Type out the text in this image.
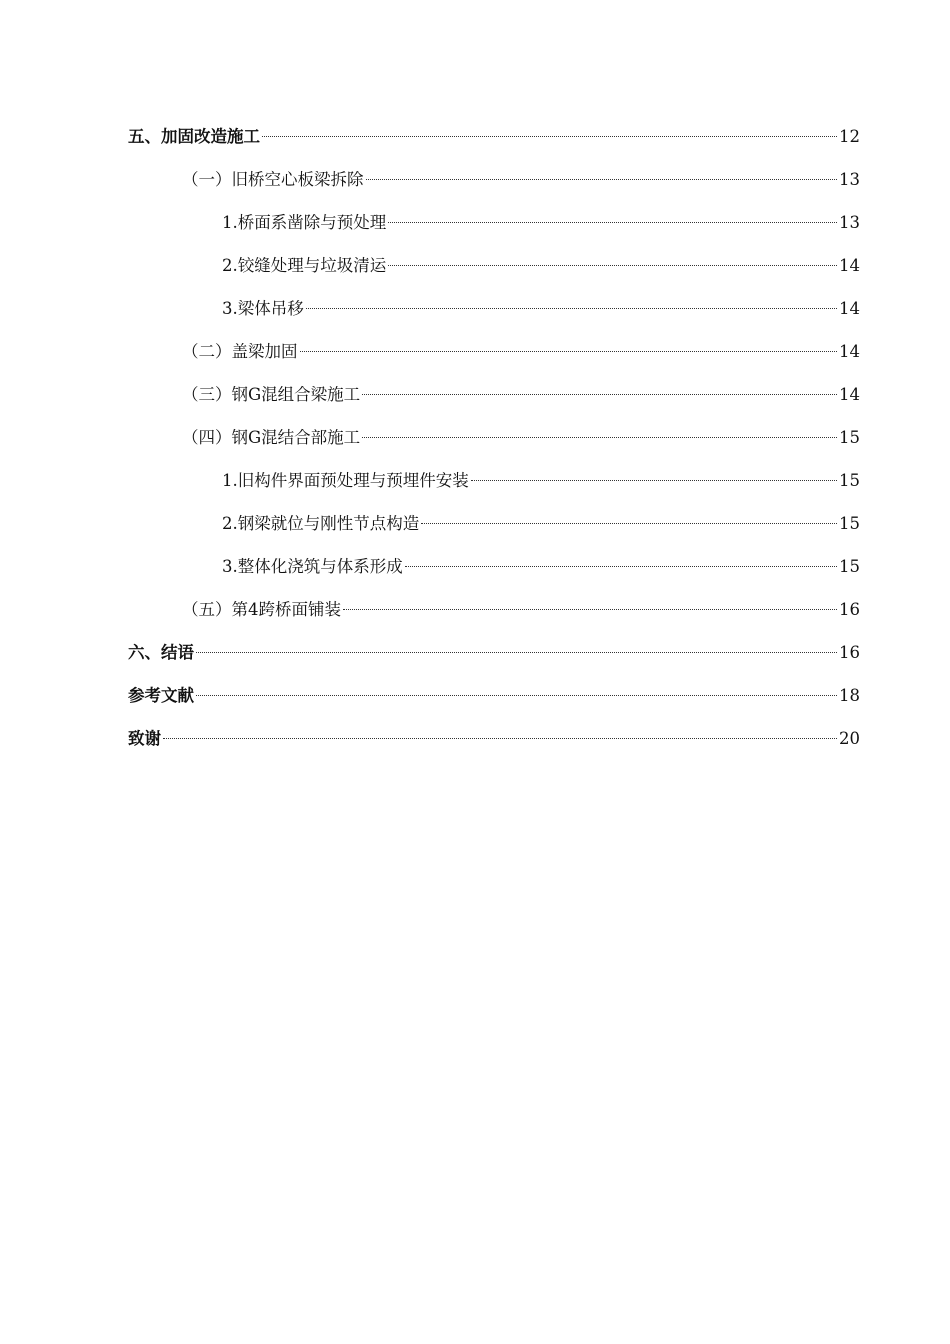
五、加固改造施工	12
（一）旧桥空心板梁拆除	13
1.桥面系凿除与预处理	13
2.铰缝处理与垃圾清运	14
3.梁体吊移	14
（二）盖梁加固	14
（三）钢G混组合梁施工	14
（四）钢G混结合部施工	15
1.旧构件界面预处理与预埋件安装	15
2.钢梁就位与刚性节点构造	15
3.整体化浇筑与体系形成	15
（五）第4跨桥面铺装	16
六、结语	16
参考文献	18
致谢	20
